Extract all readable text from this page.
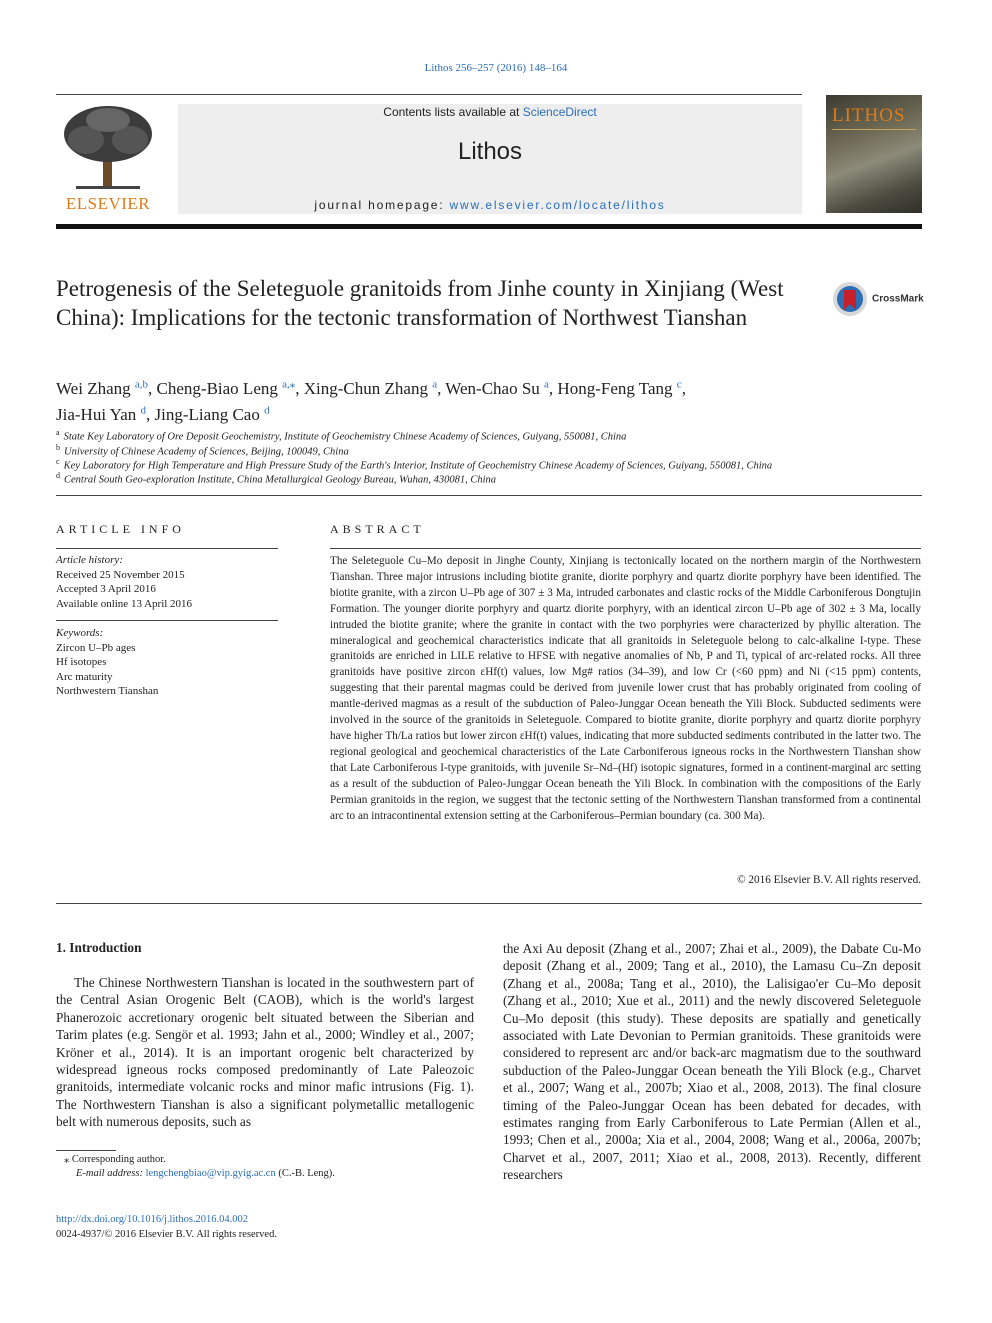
Lithos 256–257 (2016) 148–164
ELSEVIER
Contents lists available at ScienceDirect
Lithos
journal homepage: www.elsevier.com/locate/lithos
LITHOS
Petrogenesis of the Seleteguole granitoids from Jinhe county in Xinjiang (West China): Implications for the tectonic transformation of Northwest Tianshan
CrossMark
Wei Zhang $^{a,b}$, Cheng-Biao Leng $^{a,⁎}$, Xing-Chun Zhang $^a$, Wen-Chao Su $^a$, Hong-Feng Tang $^c$,
Jia-Hui Yan $^d$, Jing-Liang Cao $^d$
$^a$ State Key Laboratory of Ore Deposit Geochemistry, Institute of Geochemistry Chinese Academy of Sciences, Guiyang, 550081, China
$^b$ University of Chinese Academy of Sciences, Beijing, 100049, China
$^c$ Key Laboratory for High Temperature and High Pressure Study of the Earth's Interior, Institute of Geochemistry Chinese Academy of Sciences, Guiyang, 550081, China
$^d$ Central South Geo-exploration Institute, China Metallurgical Geology Bureau, Wuhan, 430081, China
ARTICLE INFO
Article history:
Received 25 November 2015
Accepted 3 April 2016
Available online 13 April 2016
Keywords:
Zircon U–Pb ages
Hf isotopes
Arc maturity
Northwestern Tianshan
ABSTRACT
The Seleteguole Cu–Mo deposit in Jinghe County, Xinjiang is tectonically located on the northern margin of the Northwestern Tianshan. Three major intrusions including biotite granite, diorite porphyry and quartz diorite porphyry have been identified. The biotite granite, with a zircon U–Pb age of 307 ± 3 Ma, intruded carbonates and clastic rocks of the Middle Carboniferous Dongtujin Formation. The younger diorite porphyry and quartz diorite porphyry, with an identical zircon U–Pb age of 302 ± 3 Ma, locally intruded the biotite granite; where the granite in contact with the two porphyries were characterized by phyllic alteration. The mineralogical and geochemical characteristics indicate that all granitoids in Seleteguole belong to calc-alkaline I-type. These granitoids are enriched in LILE relative to HFSE with negative anomalies of Nb, P and Ti, typical of arc-related rocks. All three granitoids have positive zircon εHf(t) values, low Mg# ratios (34–39), and low Cr (<60 ppm) and Ni (<15 ppm) contents, suggesting that their parental magmas could be derived from juvenile lower crust that has probably originated from cooling of mantle-derived magmas as a result of the subduction of Paleo-Junggar Ocean beneath the Yili Block. Subducted sediments were involved in the source of the granitoids in Seleteguole. Compared to biotite granite, diorite porphyry and quartz diorite porphyry have higher Th/La ratios but lower zircon εHf(t) values, indicating that more subducted sediments contributed in the latter two. The regional geological and geochemical characteristics of the Late Carboniferous igneous rocks in the Northwestern Tianshan show that Late Carboniferous I-type granitoids, with juvenile Sr–Nd–(Hf) isotopic signatures, formed in a continent-marginal arc setting as a result of the subduction of Paleo-Junggar Ocean beneath the Yili Block. In combination with the compositions of the Early Permian granitoids in the region, we suggest that the tectonic setting of the Northwestern Tianshan transformed from a continental arc to an intracontinental extension setting at the Carboniferous–Permian boundary (ca. 300 Ma).
© 2016 Elsevier B.V. All rights reserved.
1. Introduction
The Chinese Northwestern Tianshan is located in the southwestern part of the Central Asian Orogenic Belt (CAOB), which is the world's largest Phanerozoic accretionary orogenic belt situated between the Siberian and Tarim plates (e.g. Sengör et al. 1993; Jahn et al., 2000; Windley et al., 2007; Kröner et al., 2014). It is an important orogenic belt characterized by widespread igneous rocks composed predominantly of Late Paleozoic granitoids, intermediate volcanic rocks and minor mafic intrusions (Fig. 1). The Northwestern Tianshan is also a significant polymetallic metallogenic belt with numerous deposits, such as
the Axi Au deposit (Zhang et al., 2007; Zhai et al., 2009), the Dabate Cu-Mo deposit (Zhang et al., 2009; Tang et al., 2010), the Lamasu Cu–Zn deposit (Zhang et al., 2008a; Tang et al., 2010), the Lalisigao'er Cu–Mo deposit (Zhang et al., 2010; Xue et al., 2011) and the newly discovered Seleteguole Cu–Mo deposit (this study). These deposits are spatially and genetically associated with Late Devonian to Permian granitoids. These granitoids were considered to represent arc and/or back-arc magmatism due to the southward subduction of the Paleo-Junggar Ocean beneath the Yili Block (e.g., Charvet et al., 2007; Wang et al., 2007b; Xiao et al., 2008, 2013). The final closure timing of the Paleo-Junggar Ocean has been debated for decades, with estimates ranging from Early Carboniferous to Late Permian (Allen et al., 1993; Chen et al., 2000a; Xia et al., 2004, 2008; Wang et al., 2006a, 2007b; Charvet et al., 2007, 2011; Xiao et al., 2008, 2013). Recently, different researchers
⁎ Corresponding author.
E-mail address: lengchengbiao@vip.gyig.ac.cn (C.-B. Leng).
http://dx.doi.org/10.1016/j.lithos.2016.04.002
0024-4937/© 2016 Elsevier B.V. All rights reserved.
